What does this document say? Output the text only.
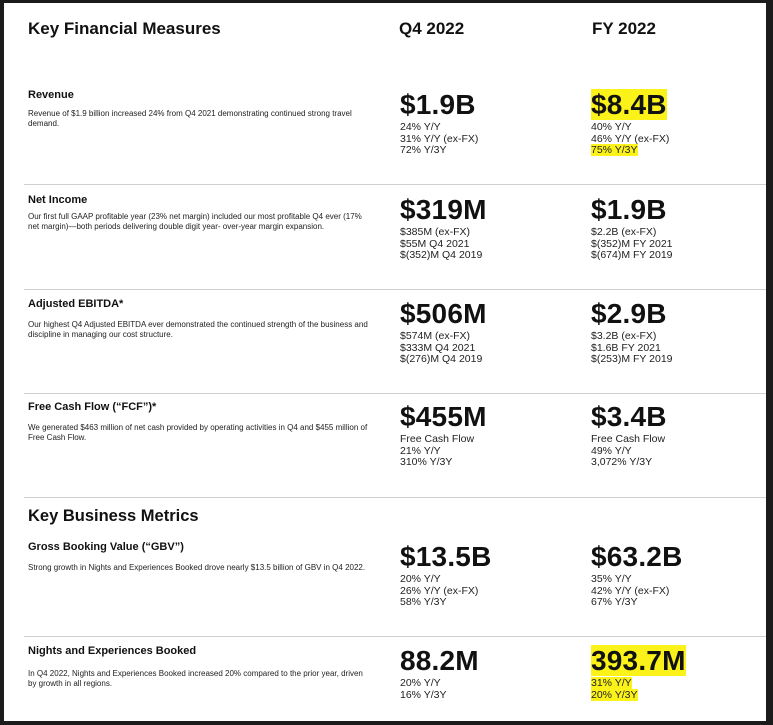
Key Financial Measures	Q4 2022	FY 2022
Revenue
Revenue of $1.9 billion increased 24% from Q4 2021 demonstrating continued strong travel demand.
$1.9B
24% Y/Y
31% Y/Y (ex-FX)
72% Y/3Y
$8.4B
40% Y/Y
46% Y/Y (ex-FX)
75% Y/3Y
Net Income
Our first full GAAP profitable year (23% net margin) included our most profitable Q4 ever (17% net margin)—both periods delivering double digit year- over-year margin expansion.
$319M
$385M (ex-FX)
$55M Q4 2021
$(352)M Q4 2019
$1.9B
$2.2B (ex-FX)
$(352)M FY 2021
$(674)M FY 2019
Adjusted EBITDA*
Our highest Q4 Adjusted EBITDA ever demonstrated the continued strength of the business and discipline in managing our cost structure.
$506M
$574M (ex-FX)
$333M Q4 2021
$(276)M Q4 2019
$2.9B
$3.2B (ex-FX)
$1.6B FY 2021
$(253)M FY 2019
Free Cash Flow (“FCF”)*
We generated $463 million of net cash provided by operating activities in Q4 and $455 million of Free Cash Flow.
$455M
Free Cash Flow
21% Y/Y
310% Y/3Y
$3.4B
Free Cash Flow
49% Y/Y
3,072% Y/3Y
Key Business Metrics
Gross Booking Value (“GBV”)
Strong growth in Nights and Experiences Booked drove nearly $13.5 billion of GBV in Q4 2022. $13.5B
20% Y/Y
26% Y/Y (ex-FX)
58% Y/3Y
$63.2B
35% Y/Y
42% Y/Y (ex-FX)
67% Y/3Y
Nights and Experiences Booked
In Q4 2022, Nights and Experiences Booked increased 20% compared to the prior year, driven by growth in all regions.
88.2M
20% Y/Y
16% Y/3Y
393.7M
31% Y/Y
20% Y/3Y
